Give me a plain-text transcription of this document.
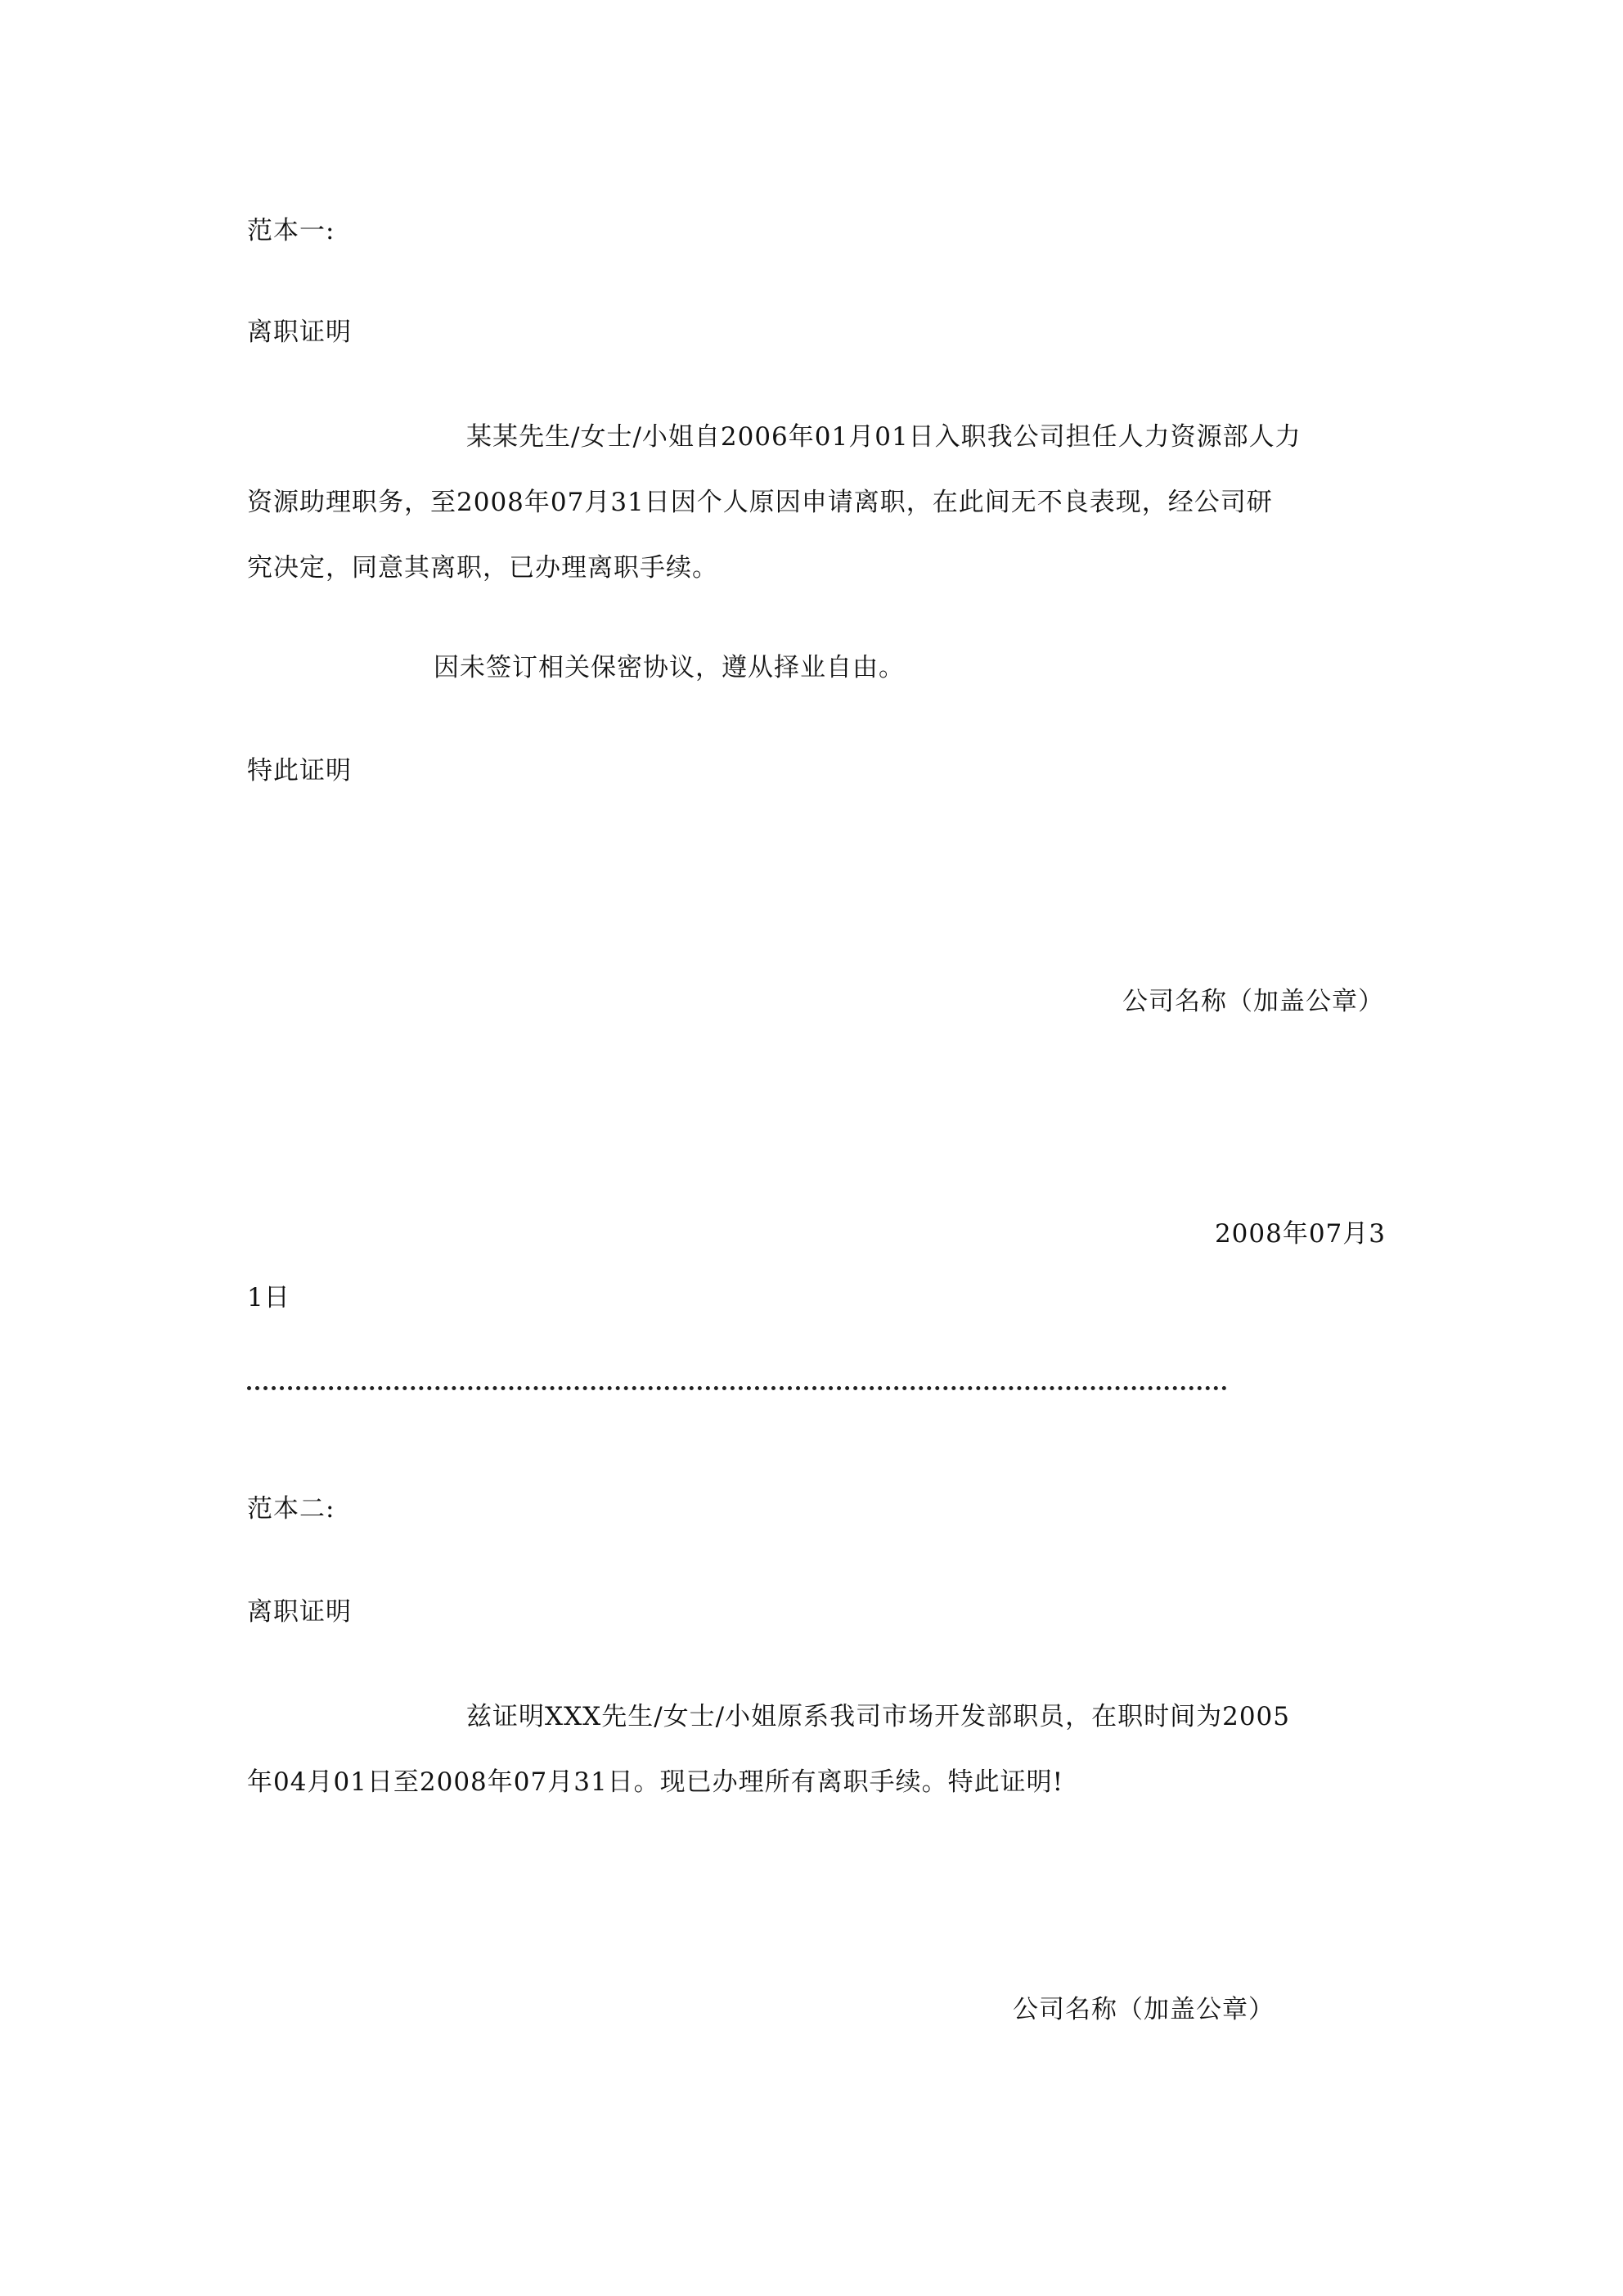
范本一:
离职证明
某某先生/女士/小姐自2006年01月01日入职我公司担任人力资源部人力
资源助理职务，至2008年07月31日因个人原因申请离职，在此间无不良表现，经公司研
究决定，同意其离职，已办理离职手续。
因未签订相关保密协议，遵从择业自由。
特此证明
公司名称（加盖公章）
2008年07月3
1日
范本二:
离职证明
兹证明XXX先生/女士/小姐原系我司市场开发部职员，在职时间为2005
年04月01日至2008年07月31日。现已办理所有离职手续。特此证明!
公司名称（加盖公章）
